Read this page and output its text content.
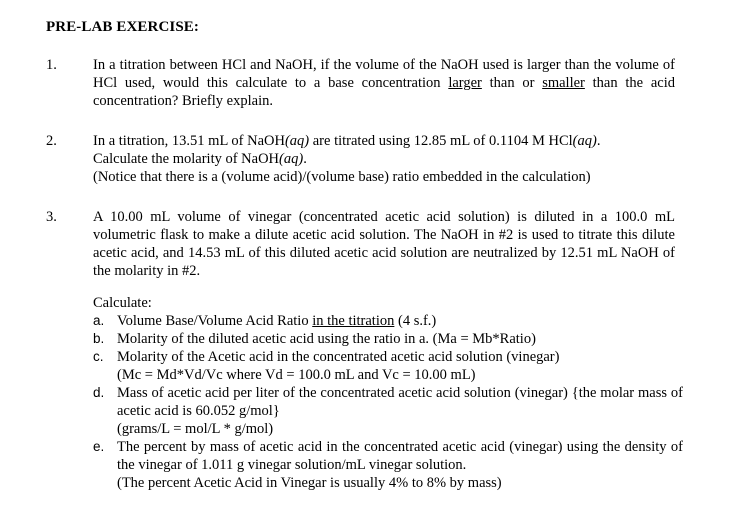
PRE-LAB EXERCISE:
1. In a titration between HCl and NaOH, if the volume of the NaOH used is larger than the volume of HCl used, would this calculate to a base concentration larger than or smaller than the acid concentration? Briefly explain.
2. In a titration, 13.51 mL of NaOH(aq) are titrated using 12.85 mL of 0.1104 M HCl(aq).
Calculate the molarity of NaOH(aq).
(Notice that there is a (volume acid)/(volume base) ratio embedded in the calculation)
3. A 10.00 mL volume of vinegar (concentrated acetic acid solution) is diluted in a 100.0 mL volumetric flask to make a dilute acetic acid solution. The NaOH in #2 is used to titrate this dilute acetic acid, and 14.53 mL of this diluted acetic acid solution are neutralized by 12.51 mL NaOH of the molarity in #2.
Calculate:
a. Volume Base/Volume Acid Ratio in the titration (4 s.f.)
b. Molarity of the diluted acetic acid using the ratio in a. (Ma = Mb*Ratio)
c. Molarity of the Acetic acid in the concentrated acetic acid solution (vinegar)
(Mc = Md*Vd/Vc where Vd = 100.0 mL and Vc = 10.00 mL)
d. Mass of acetic acid per liter of the concentrated acetic acid solution (vinegar) {the molar mass of acetic acid is 60.052 g/mol}
(grams/L = mol/L * g/mol)
e. The percent by mass of acetic acid in the concentrated acetic acid (vinegar) using the density of the vinegar of 1.011 g vinegar solution/mL vinegar solution.
(The percent Acetic Acid in Vinegar is usually 4% to 8% by mass)
